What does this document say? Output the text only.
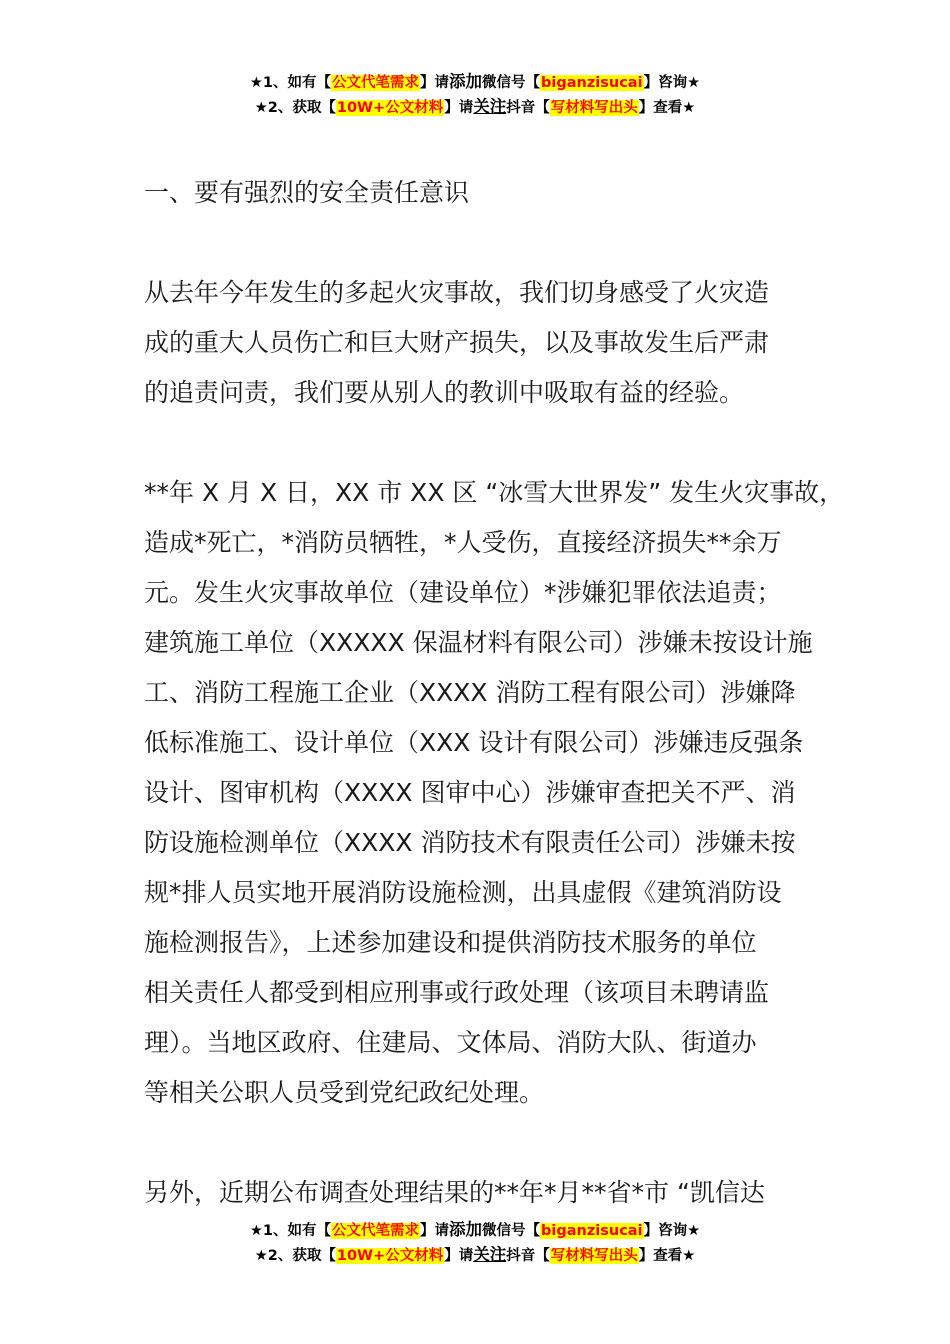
★1、如有【公文代笔需求】请添加微信号【biganzisucai】咨询★
★2、获取【10W+公文材料】请关注抖音【写材料写出头】查看★
一、要有强烈的安全责任意识

从去年今年发生的多起火灾事故，我们切身感受了火灾造
成的重大人员伤亡和巨大财产损失，以及事故发生后严肃
的追责问责，我们要从别人的教训中吸取有益的经验。

**年 X 月 X 日，XX 市 XX 区 “冰雪大世界发” 发生火灾事故，
造成*死亡，*消防员牺牲，*人受伤，直接经济损失**余万
元。发生火灾事故单位（建设单位）*涉嫌犯罪依法追责；
建筑施工单位（XXXXX 保温材料有限公司）涉嫌未按设计施
工、消防工程施工企业（XXXX 消防工程有限公司）涉嫌降
低标准施工、设计单位（XXX 设计有限公司）涉嫌违反强条
设计、图审机构（XXXX 图审中心）涉嫌审查把关不严、消
防设施检测单位（XXXX 消防技术有限责任公司）涉嫌未按
规*排人员实地开展消防设施检测，出具虚假《建筑消防设
施检测报告》，上述参加建设和提供消防技术服务的单位
相关责任人都受到相应刑事或行政处理（该项目未聘请监
理）。当地区政府、住建局、文体局、消防大队、街道办
等相关公职人员受到党纪政纪处理。

另外，近期公布调查处理结果的**年*月**省*市 “凯信达

★1、如有【公文代笔需求】请添加微信号【biganzisucai】咨询★
★2、获取【10W+公文材料】请关注抖音【写材料写出头】查看★
